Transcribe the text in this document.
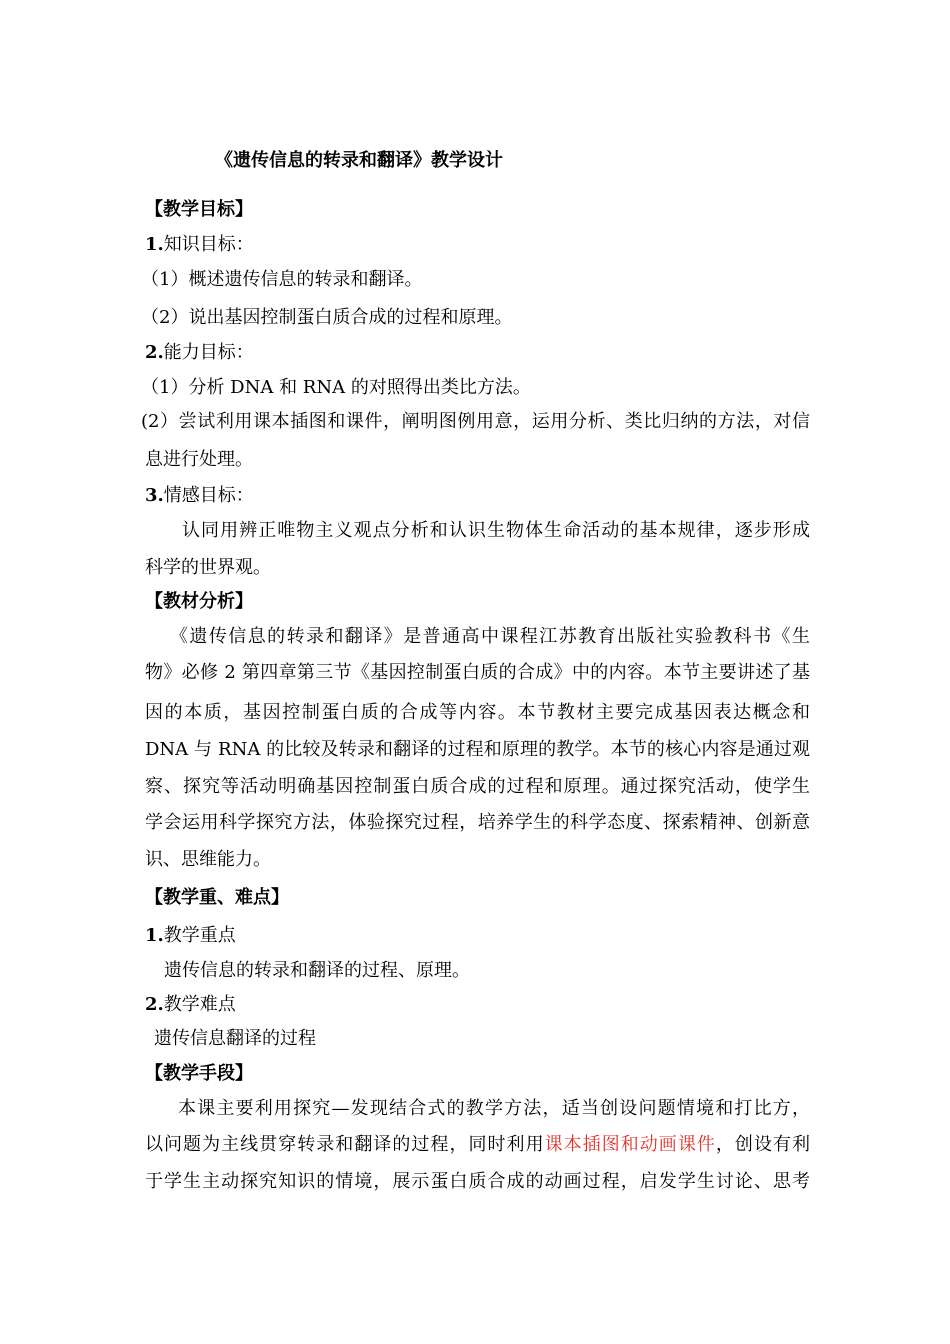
《遗传信息的转录和翻译》教学设计
【教学目标】
1.知识目标：
（1）概述遗传信息的转录和翻译。
（2）说出基因控制蛋白质合成的过程和原理。
2.能力目标：
（1）分析 DNA 和 RNA 的对照得出类比方法。
(2）尝试利用课本插图和课件，阐明图例用意，运用分析、类比归纳的方法，对信
息进行处理。
3.情感目标：
认同用辨正唯物主义观点分析和认识生物体生命活动的基本规律，逐步形成
科学的世界观。
【教材分析】
《遗传信息的转录和翻译》是普通高中课程江苏教育出版社实验教科书《生
物》必修 2 第四章第三节《基因控制蛋白质的合成》中的内容。本节主要讲述了基
因的本质，基因控制蛋白质的合成等内容。本节教材主要完成基因表达概念和
DNA 与 RNA 的比较及转录和翻译的过程和原理的教学。本节的核心内容是通过观
察、探究等活动明确基因控制蛋白质合成的过程和原理。通过探究活动，使学生
学会运用科学探究方法，体验探究过程，培养学生的科学态度、探索精神、创新意
识、思维能力。
【教学重、难点】
1.教学重点
遗传信息的转录和翻译的过程、原理。
2.教学难点
遗传信息翻译的过程
【教学手段】
本课主要利用探究—发现结合式的教学方法，适当创设问题情境和打比方，
以问题为主线贯穿转录和翻译的过程，同时利用课本插图和动画课件，创设有利
于学生主动探究知识的情境，展示蛋白质合成的动画过程，启发学生讨论、思考
